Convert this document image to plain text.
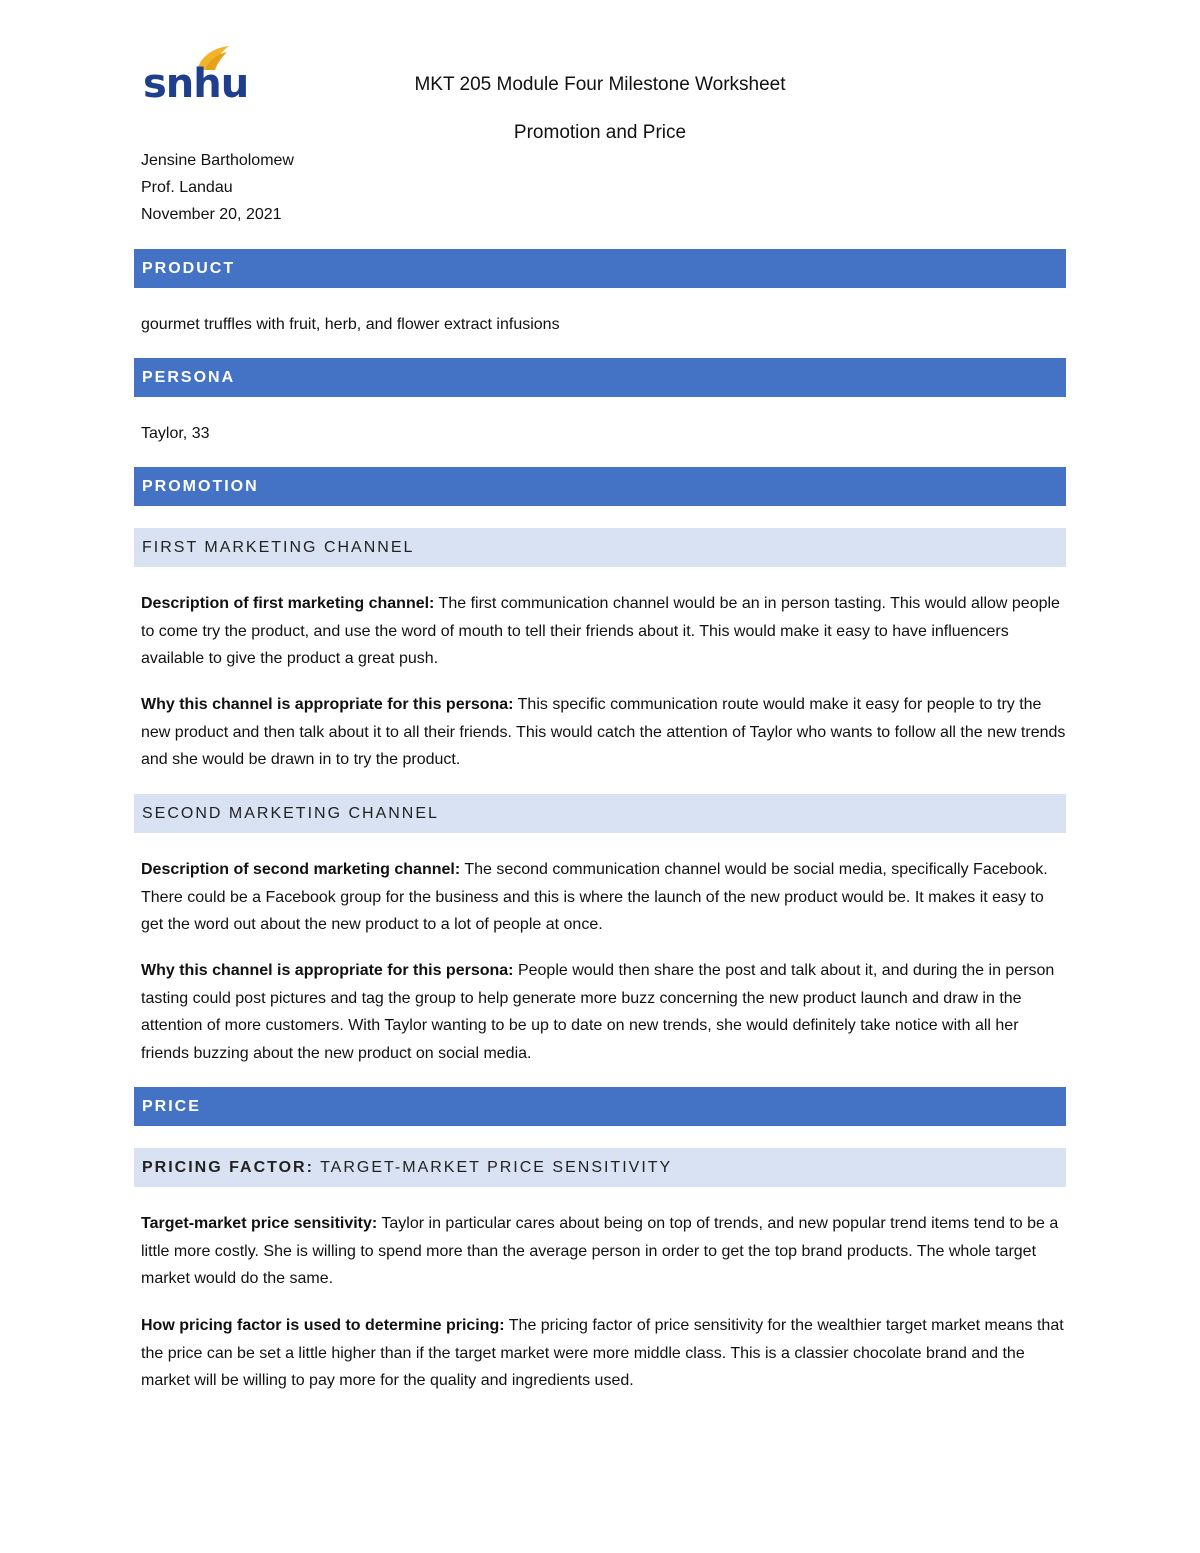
snhu	MKT 205 Module Four Milestone Worksheet
Promotion and Price
Jensine Bartholomew
Prof. Landau
November 20, 2021
PRODUCT
gourmet truffles with fruit, herb, and flower extract infusions
PERSONA
Taylor, 33
PROMOTION
FIRST MARKETING CHANNEL
Description of first marketing channel: The first communication channel would be an in person tasting. This would allow people to come try the product, and use the word of mouth to tell their friends about it. This would make it easy to have influencers available to give the product a great push.
Why this channel is appropriate for this persona: This specific communication route would make it easy for people to try the new product and then talk about it to all their friends. This would catch the attention of Taylor who wants to follow all the new trends and she would be drawn in to try the product.
SECOND MARKETING CHANNEL
Description of second marketing channel: The second communication channel would be social media, specifically Facebook. There could be a Facebook group for the business and this is where the launch of the new product would be. It makes it easy to get the word out about the new product to a lot of people at once.
Why this channel is appropriate for this persona: People would then share the post and talk about it, and during the in person tasting could post pictures and tag the group to help generate more buzz concerning the new product launch and draw in the attention of more customers. With Taylor wanting to be up to date on new trends, she would definitely take notice with all her friends buzzing about the new product on social media.
PRICE
PRICING FACTOR: TARGET-MARKET PRICE SENSITIVITY
Target-market price sensitivity: Taylor in particular cares about being on top of trends, and new popular trend items tend to be a little more costly. She is willing to spend more than the average person in order to get the top brand products. The whole target market would do the same.
How pricing factor is used to determine pricing: The pricing factor of price sensitivity for the wealthier target market means that the price can be set a little higher than if the target market were more middle class. This is a classier chocolate brand and the market will be willing to pay more for the quality and ingredients used.
